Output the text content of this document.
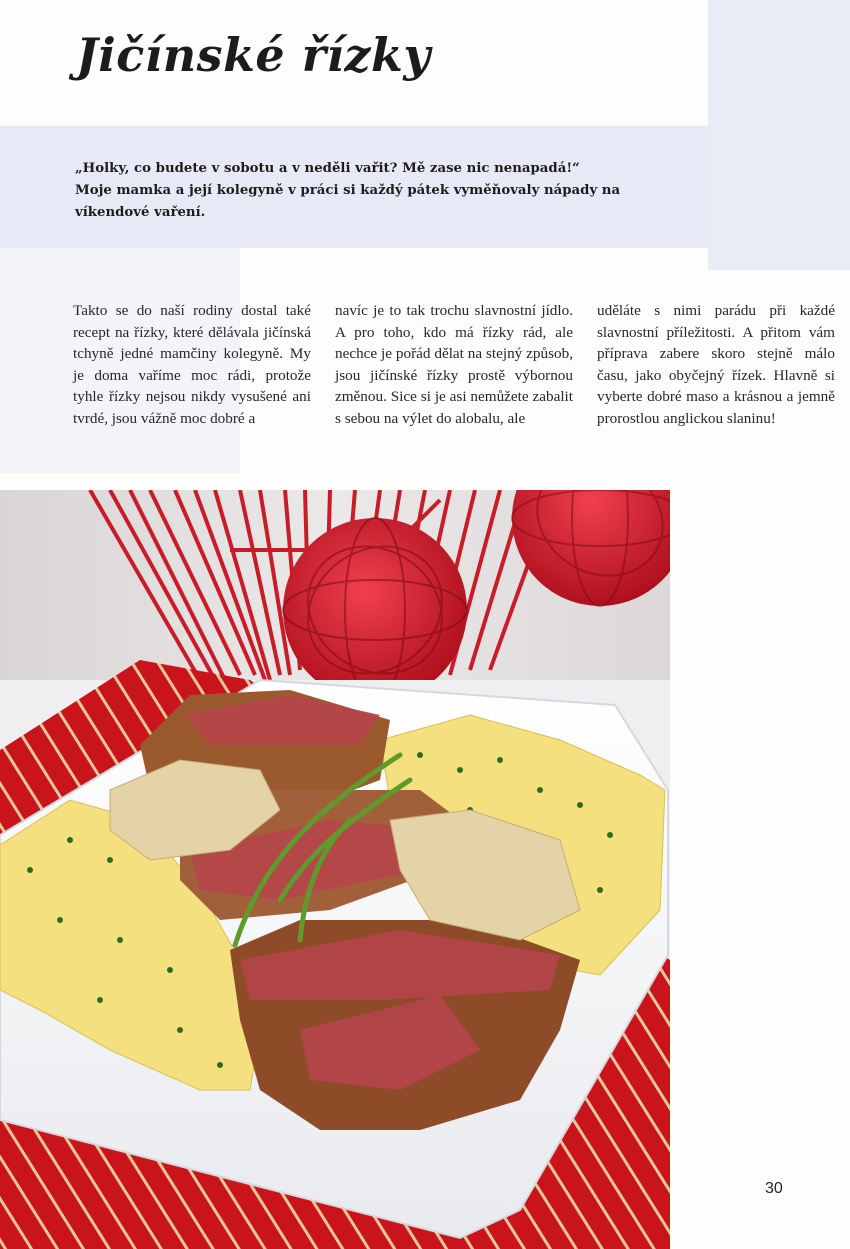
Jičínské řízky

„Holky, co budete v sobotu a v neděli vařit? Mě zase nic nenapadá!“

Moje mamka a její kolegyně v práci si každý pátek vyměňovaly nápady na víkendové vaření.

Takto se do naší rodiny dostal také recept na řízky, které dělávala jičínská tchyně jedné mamčiny kolegyně. My je doma vaříme moc rádi, protože tyhle řízky nejsou nikdy vysušené ani tvrdé, jsou vážně moc dobré a

navíc je to tak trochu slavnostní jídlo. A pro toho, kdo má řízky rád, ale nechce je pořád dělat na stejný způsob, jsou jičínské řízky prostě výbornou změnou. Sice si je asi nemůžete zabalit s sebou na výlet do alobalu, ale

uděláte s nimi parádu při každé slavnostní příležitosti. A přitom vám příprava zabere skoro stejně málo času, jako obyčejný řízek. Hlavně si vyberte dobré maso a krásnou a jemně prorostlou anglickou slaninu!

30
